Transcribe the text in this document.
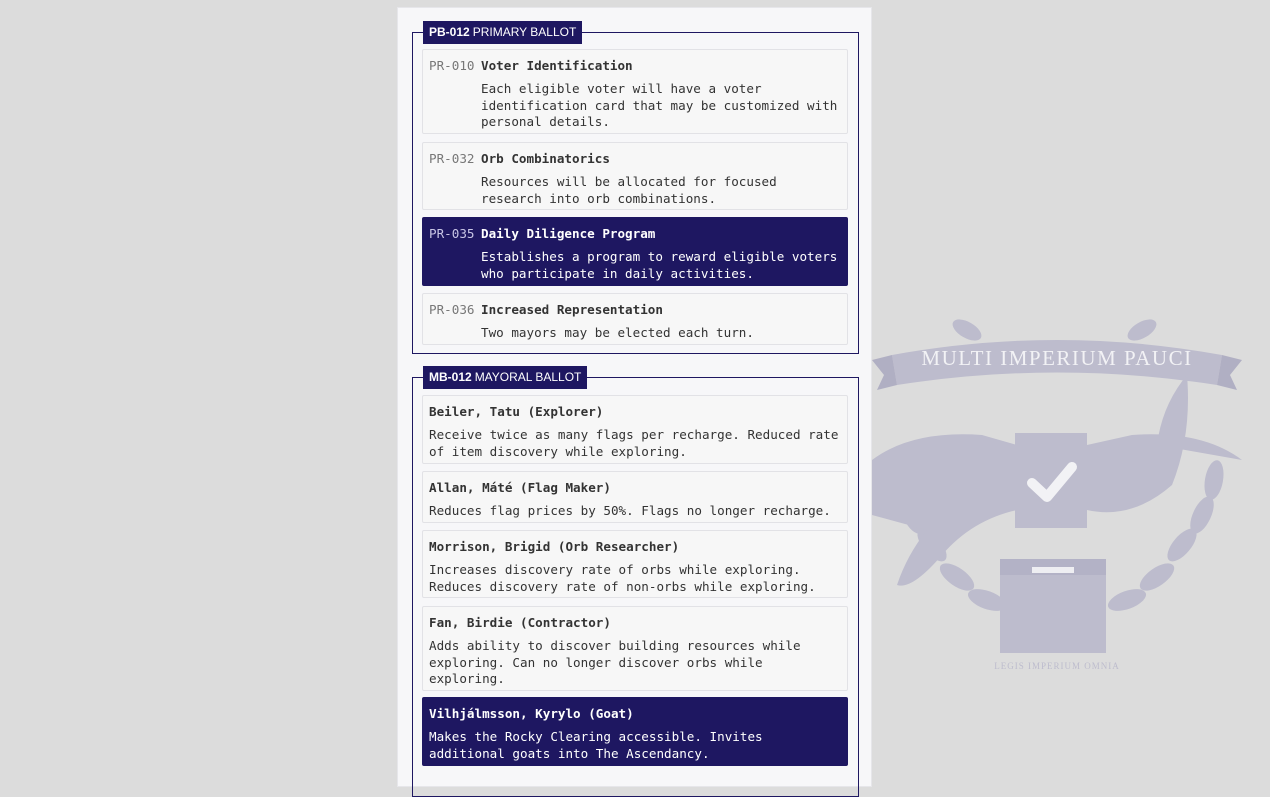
MULTI IMPERIUM PAUCI
LEGIS IMPERIUM OMNIA
PB-012 PRIMARY BALLOT
PR-010 Voter Identification
Each eligible voter will have a voter
identification card that may be customized with
personal details.
PR-032 Orb Combinatorics
Resources will be allocated for focused
research into orb combinations.
PR-035 Daily Diligence Program
Establishes a program to reward eligible voters
who participate in daily activities.
PR-036 Increased Representation
Two mayors may be elected each turn.
MB-012 MAYORAL BALLOT
Beiler, Tatu (Explorer)
Receive twice as many flags per recharge. Reduced rate
of item discovery while exploring.
Allan, Máté (Flag Maker)
Reduces flag prices by 50%. Flags no longer recharge.
Morrison, Brigid (Orb Researcher)
Increases discovery rate of orbs while exploring.
Reduces discovery rate of non-orbs while exploring.
Fan, Birdie (Contractor)
Adds ability to discover building resources while
exploring. Can no longer discover orbs while
exploring.
Vilhjálmsson, Kyrylo (Goat)
Makes the Rocky Clearing accessible. Invites
additional goats into The Ascendancy.
